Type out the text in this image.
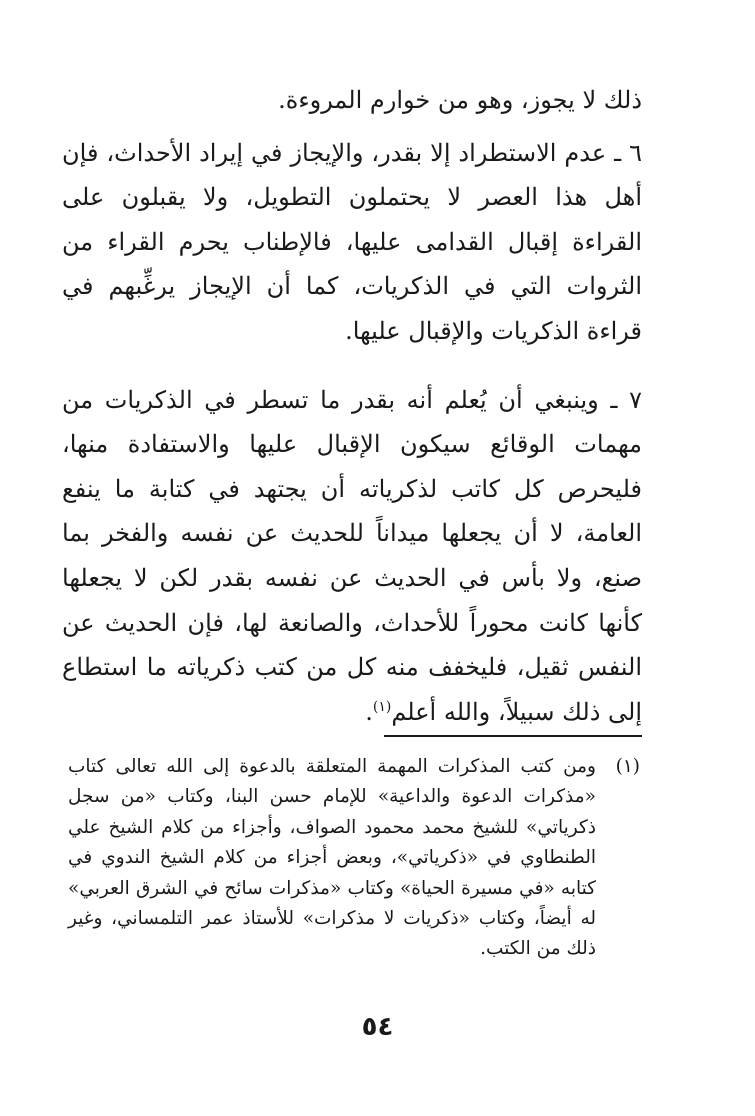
ذلك لا يجوز، وهو من خوارم المروءة.

٦ ـ عدم الاستطراد إلا بقدر، والإيجاز في إيراد الأحداث، فإن أهل هذا العصر لا يحتملون التطويل، ولا يقبلون على القراءة إقبال القدامى عليها، فالإطناب يحرم القراء من الثروات التي في الذكريات، كما أن الإيجاز يرغِّبهم في قراءة الذكريات والإقبال عليها.

٧ ـ وينبغي أن يُعلم أنه بقدر ما تسطر في الذكريات من مهمات الوقائع سيكون الإقبال عليها والاستفادة منها، فليحرص كل كاتب لذكرياته أن يجتهد في كتابة ما ينفع العامة، لا أن يجعلها ميداناً للحديث عن نفسه والفخر بما صنع، ولا بأس في الحديث عن نفسه بقدر لكن لا يجعلها كأنها كانت محوراً للأحداث، والصانعة لها، فإن الحديث عن النفس ثقيل، فليخفف منه كل من كتب ذكرياته ما استطاع إلى ذلك سبيلاً، والله أعلم$^{(١)}$.

(١)
ومن كتب المذكرات المهمة المتعلقة بالدعوة إلى الله تعالى كتاب «مذكرات الدعوة والداعية» للإمام حسن البنا، وكتاب «من سجل ذكرياتي» للشيخ محمد محمود الصواف، وأجزاء من كلام الشيخ علي الطنطاوي في «ذكرياتي»، وبعض أجزاء من كلام الشيخ الندوي في كتابه «في مسيرة الحياة» وكتاب «مذكرات سائح في الشرق العربي» له أيضاً، وكتاب «ذكريات لا مذكرات» للأستاذ عمر التلمساني، وغير ذلك من الكتب.
٥٤
